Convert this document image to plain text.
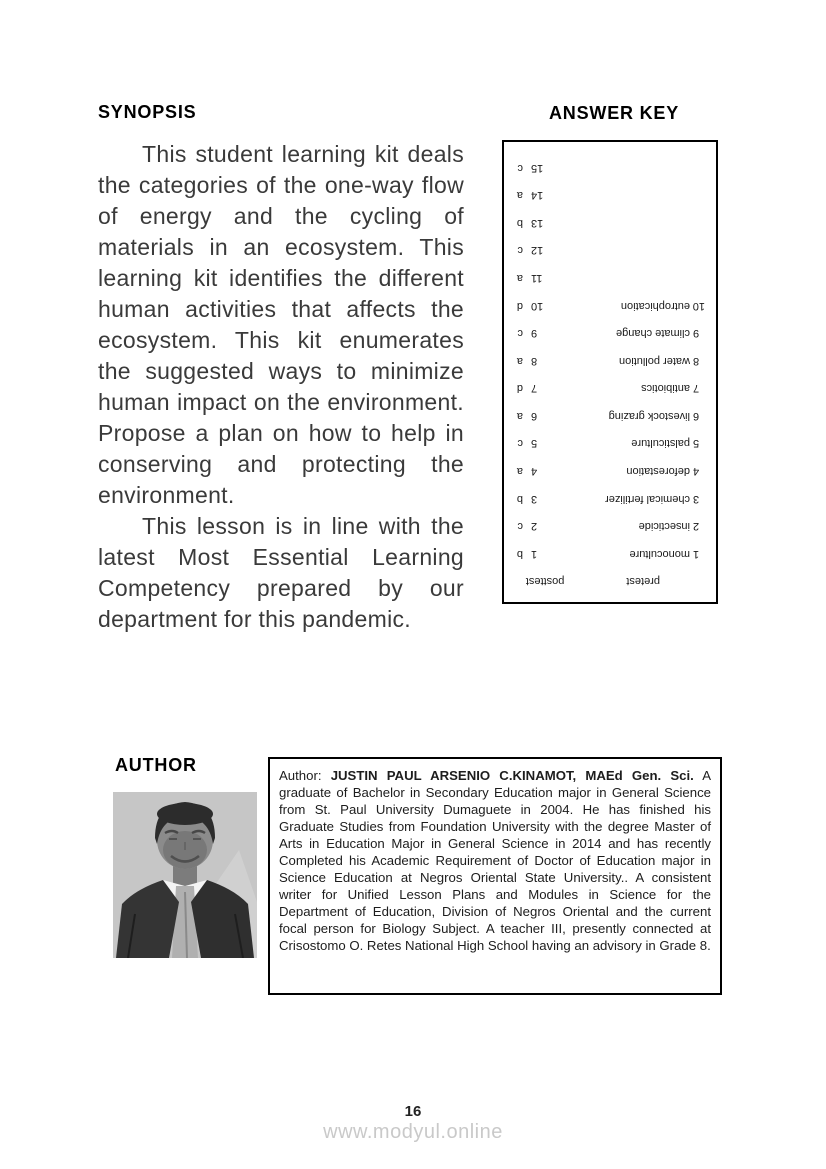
SYNOPSIS	ANSWER KEY

This student learning kit deals the categories of the one-way flow of energy and the cycling of materials in an ecosystem. This learning kit identifies the different human activities that affects the ecosystem. This kit enumerates the suggested ways to minimize human impact on the environment. Propose a plan on how to help in conserving and protecting the environment.

This lesson is in line with the latest Most Essential Learning Competency prepared by our department for this pandemic.

pretest
posttest
1
monoculture
1
b
2
insecticide
2
c
3
chemical fertilizer
3
b
4
deforestation
4
a
5
palsticulture
5
c
6
livestock grazing
6
a
7
antibiotics
7
d
8
water pollution
8
a
9
climate change
9
c
10
eutrophication
10
d
11
a
12
c
13
b
14
a
15
c
AUTHOR

Author: JUSTIN PAUL ARSENIO C.KINAMOT, MAEd Gen. Sci. A graduate of Bachelor in Secondary Education major in General Science from St. Paul University Dumaguete in 2004. He has finished his Graduate Studies from Foundation University with the degree Master of Arts in Education Major in General Science in 2014 and has recently Completed his Academic Requirement of Doctor of Education major in Science Education at Negros Oriental State University.. A consistent writer for Unified Lesson Plans and Modules in Science for the Department of Education, Division of Negros Oriental and the current focal person for Biology Subject. A teacher III, presently connected at Crisostomo O. Retes National High School having an advisory in Grade 8.

16
www.modyul.online
